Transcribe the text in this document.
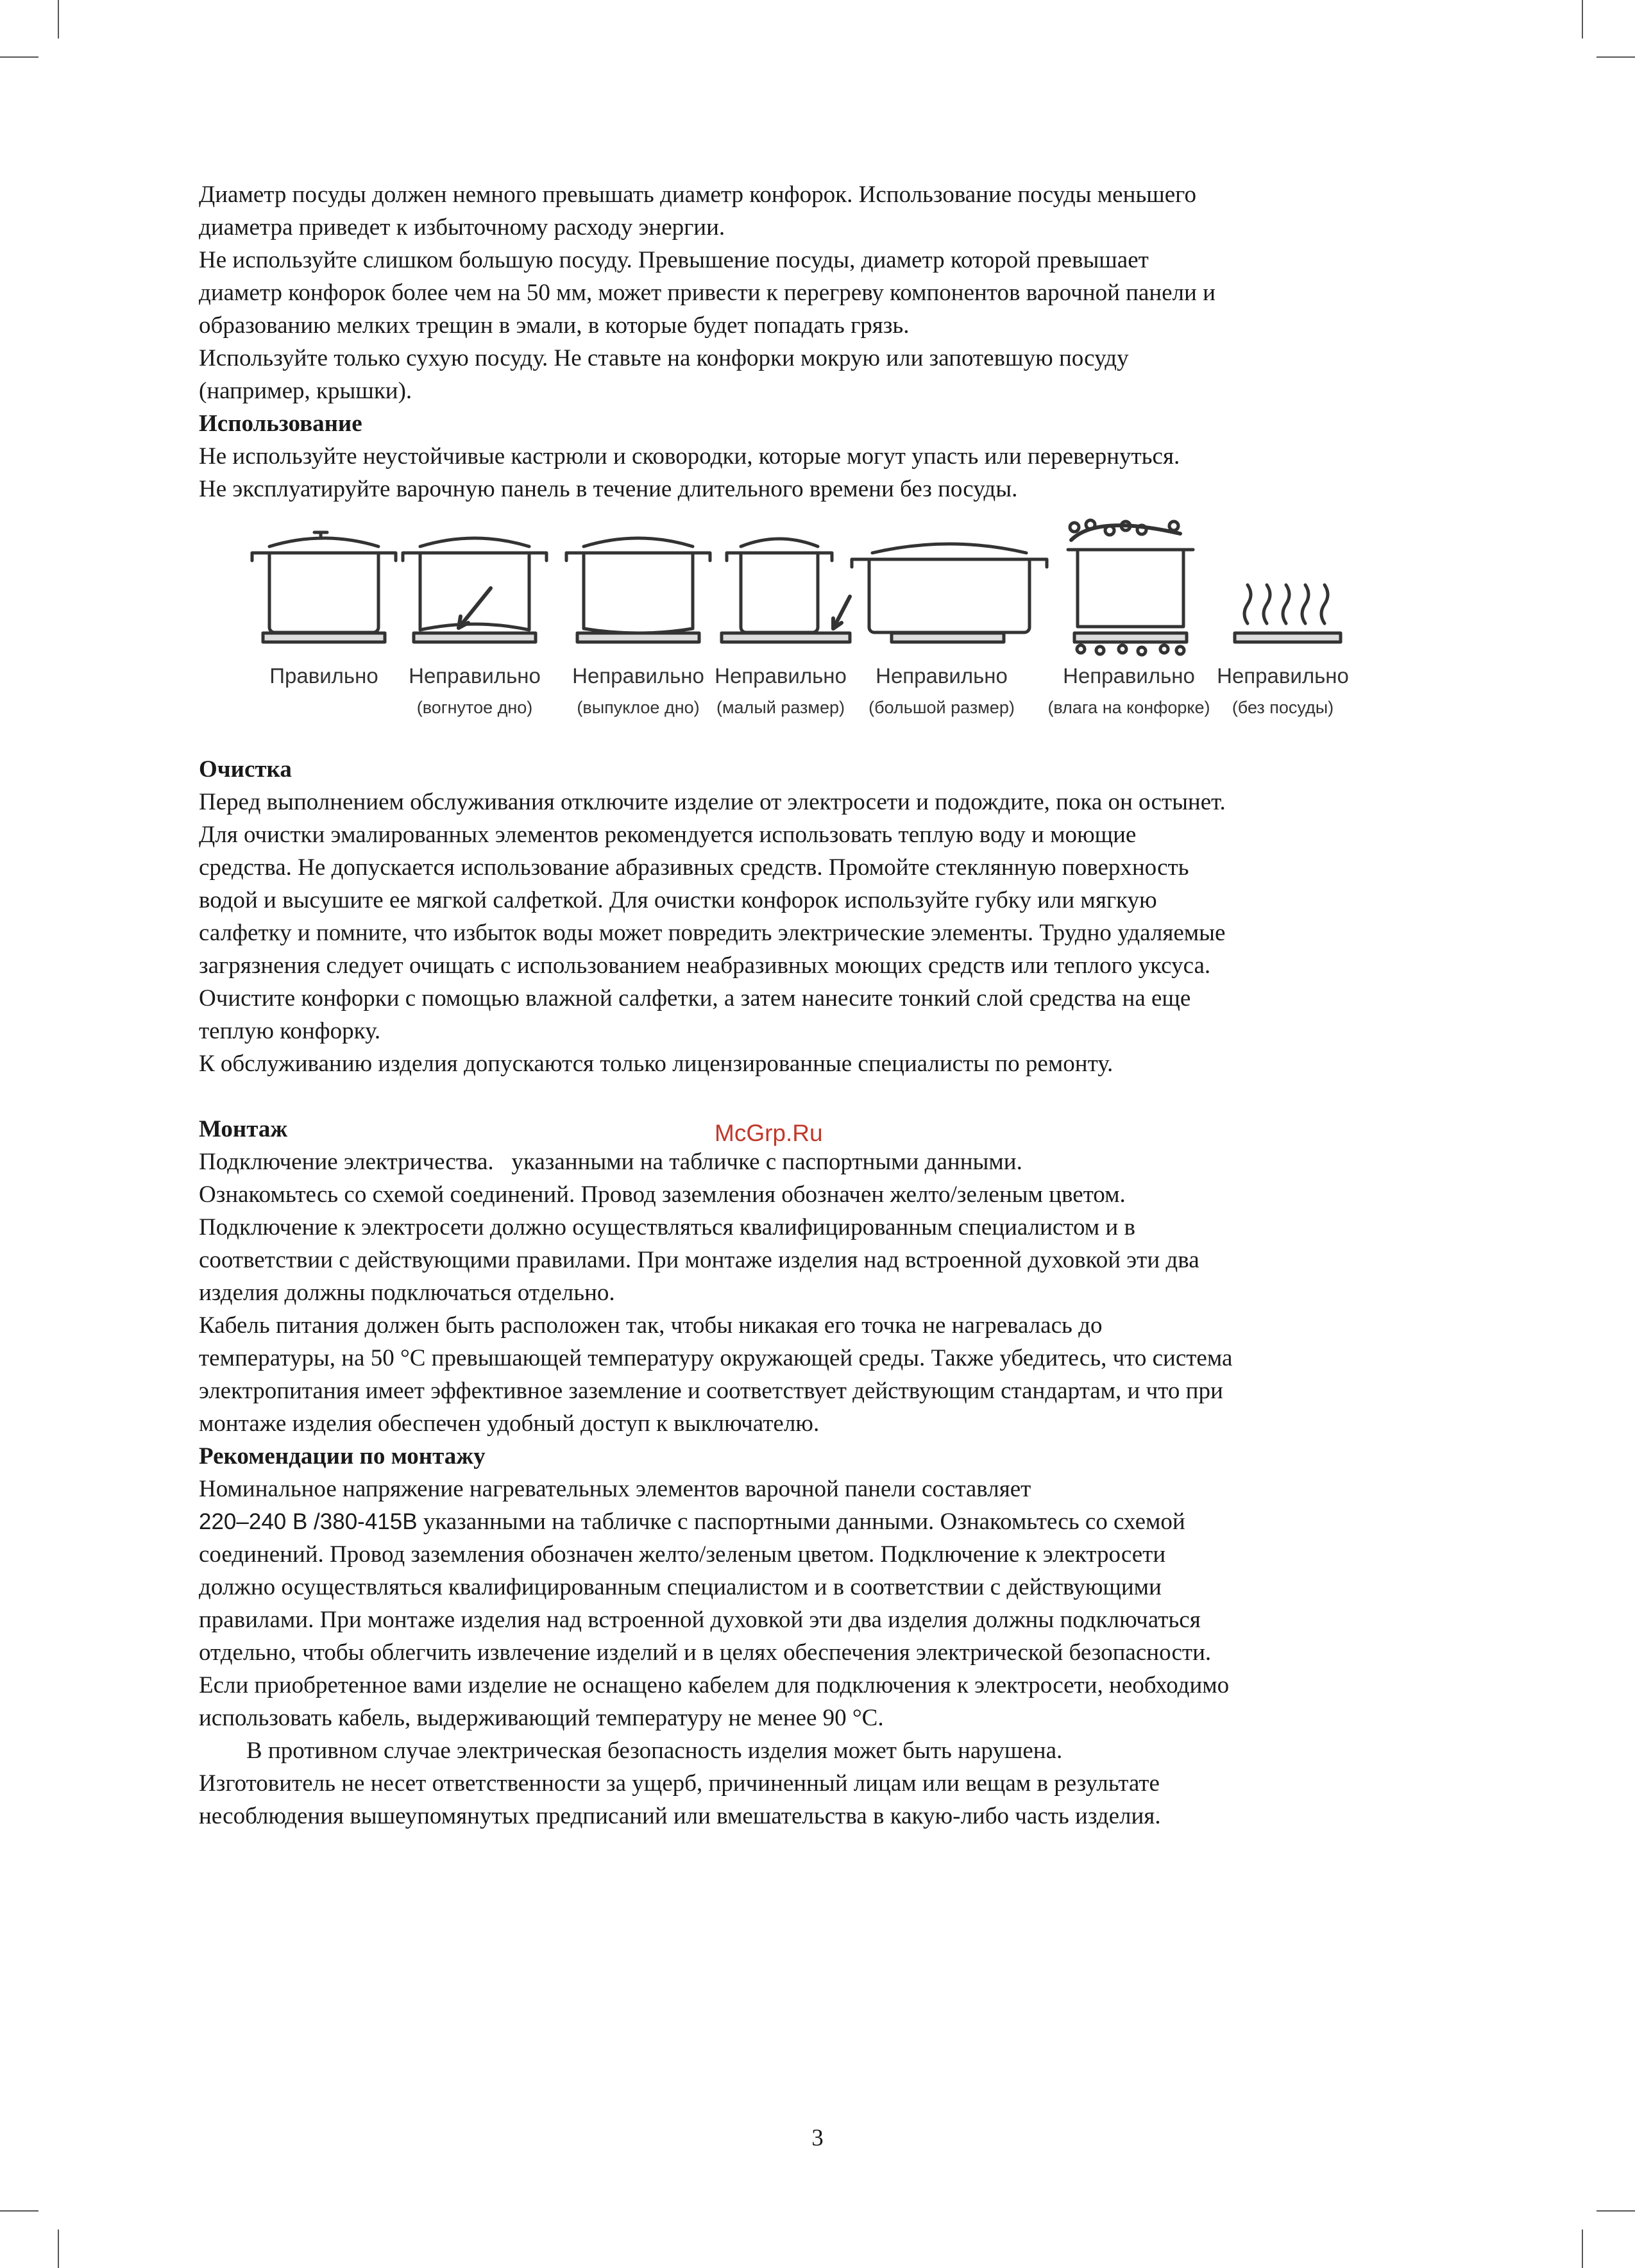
Диаметр посуды должен немного превышать диаметр конфорок. Использование посуды меньшего

диаметра приведет к избыточному расходу энергии.

Не используйте слишком большую посуду. Превышение посуды, диаметр которой превышает

диаметр конфорок более чем на 50 мм, может привести к перегреву компонентов варочной панели и

образованию мелких трещин в эмали, в которые будет попадать грязь.

Используйте только сухую посуду. Не ставьте на конфорки мокрую или запотевшую посуду

(например, крышки).

Использование

Не используйте неустойчивые кастрюли и сковородки, которые могут упасть или перевернуться.

Не эксплуатируйте варочную панель в течение длительного времени без посуды.

Правильно Неправильно
(вогнутое дно)
Неправильно
(выпуклое дно)
Неправильно
(малый размер)
Неправильно
(большой размер)
Неправильно
(влага на конфорке)
Неправильно
(без посуды)

Очистка

Перед выполнением обслуживания отключите изделие от электросети и подождите, пока он остынет.

Для очистки эмалированных элементов рекомендуется использовать теплую воду и моющие

средства. Не допускается использование абразивных средств. Промойте стеклянную поверхность

водой и высушите ее мягкой салфеткой. Для очистки конфорок используйте губку или мягкую

салфетку и помните, что избыток воды может повредить электрические элементы. Трудно удаляемые

загрязнения следует очищать с использованием неабразивных моющих средств или теплого уксуса.

Очистите конфорки с помощью влажной салфетки, а затем нанесите тонкий слой средства на еще

теплую конфорку.

К обслуживанию изделия допускаются только лицензированные специалисты по ремонту.

Монтаж

Подключение электричества.   указанными на табличке с паспортными данными.

Ознакомьтесь со схемой соединений. Провод заземления обозначен желто/зеленым цветом.

Подключение к электросети должно осуществляться квалифицированным специалистом и в

соответствии с действующими правилами. При монтаже изделия над встроенной духовкой эти два

изделия должны подключаться отдельно.

Кабель питания должен быть расположен так, чтобы никакая его точка не нагревалась до

температуры, на 50 °C превышающей температуру окружающей среды. Также убедитесь, что система

электропитания имеет эффективное заземление и соответствует действующим стандартам, и что при

монтаже изделия обеспечен удобный доступ к выключателю.

Рекомендации по монтажу

Номинальное напряжение нагревательных элементов варочной панели составляет

220–240 В /380-415В указанными на табличке с паспортными данными. Ознакомьтесь со схемой

соединений. Провод заземления обозначен желто/зеленым цветом. Подключение к электросети

должно осуществляться квалифицированным специалистом и в соответствии с действующими

правилами. При монтаже изделия над встроенной духовкой эти два изделия должны подключаться

отдельно, чтобы облегчить извлечение изделий и в целях обеспечения электрической безопасности.

Если приобретенное вами изделие не оснащено кабелем для подключения к электросети, необходимо

использовать кабель, выдерживающий температуру не менее 90 °C.

В противном случае электрическая безопасность изделия может быть нарушена.

Изготовитель не несет ответственности за ущерб, причиненный лицам или вещам в результате

несоблюдения вышеупомянутых предписаний или вмешательства в какую-либо часть изделия.

McGrp.Ru
3
